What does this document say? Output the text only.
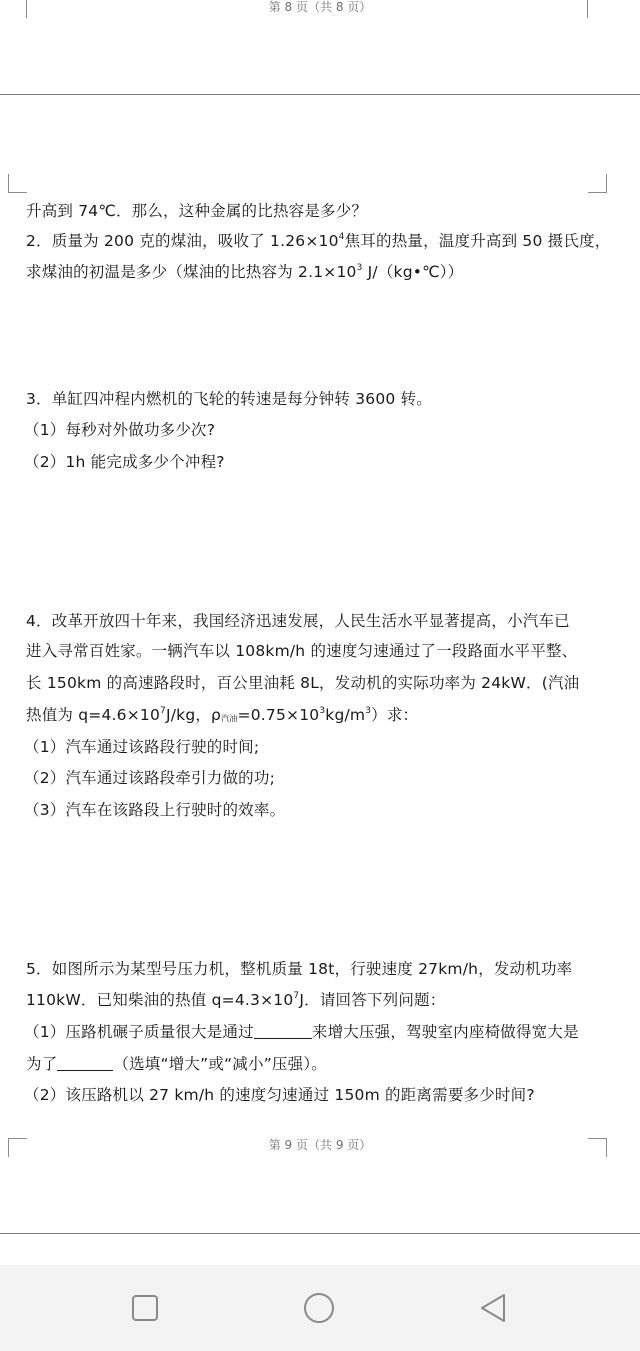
第 8 页（共 8 页）
升高到 74℃．那么，这种金属的比热容是多少？
2．质量为 200 克的煤油，吸收了 $1.26\times 10^4$焦耳的热量，温度升高到 50 摄氏度，
求煤油的初温是多少（煤油的比热容为 $2.1\times 10^3$ J/（kg•℃））
3．单缸四冲程内燃机的飞轮的转速是每分钟转 3600 转。
（1）每秒对外做功多少次?
（2）1h 能完成多少个冲程?
4．改革开放四十年来，我国经济迅速发展，人民生活水平显著提高，小汽车已
进入寻常百姓家。一辆汽车以 108km/h 的速度匀速通过了一段路面水平平整、
长 150km 的高速路段时，百公里油耗 8L，发动机的实际功率为 24kW．(汽油
热值为 $q=4.6\times 10^7J/kg$，$\rho_{汽油}=0.75\times 10^3kg/m^3$）求：
（1）汽车通过该路段行驶的时间;
（2）汽车通过该路段牵引力做的功;
（3）汽车在该路段上行驶时的效率。
5．如图所示为某型号压力机，整机质量 18t，行驶速度 27km/h，发动机功率
110kW．已知柴油的热值 $q=4.3\times 10^7J$．请回答下列问题：
（1）压路机碾子质量很大是通过	来增大压强，驾驶室内座椅做得宽大是
为了	（选填“增大”或“减小”压强）。
（2）该压路机以 27 km/h 的速度匀速通过 150m 的距离需要多少时间?
第 9 页（共 9 页）
